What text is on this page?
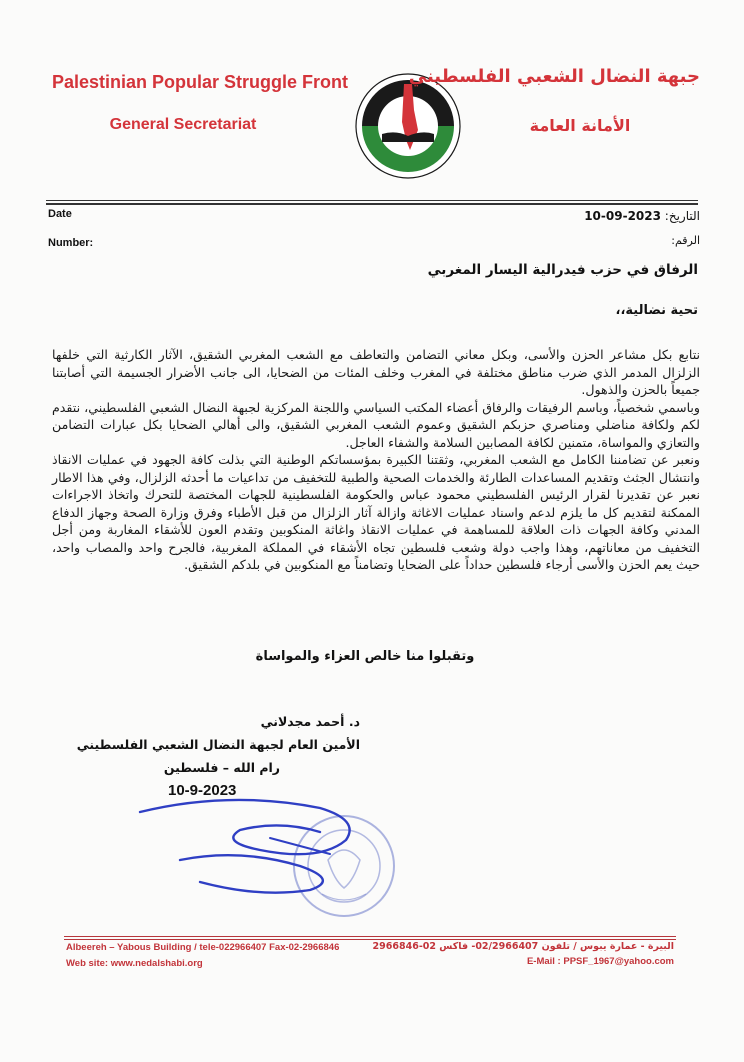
Palestinian Popular Struggle Front
General Secretariat
جبهة النضال الشعبي الفلسطيني
الأمانة العامة
Date
Number:
التاريخ: 2023-09-10
الرقم:
الرفاق في حزب فيدرالية اليسار المغربي
تحية نضالية،،

نتابع بكل مشاعر الحزن والأسى، وبكل معاني التضامن والتعاطف مع الشعب المغربي الشقيق، الآثار الكارثية التي خلفها الزلزال المدمر الذي ضرب مناطق مختلفة في المغرب وخلف المئات من الضحايا، الى جانب الأضرار الجسيمة التي أصابتنا جميعاً بالحزن والذهول.

وباسمي شخصياً، وباسم الرفيقات والرفاق أعضاء المكتب السياسي واللجنة المركزية لجبهة النضال الشعبي الفلسطيني، نتقدم لكم ولكافة مناضلي ومناصري حزبكم الشقيق وعموم الشعب المغربي الشقيق، والى أهالي الضحايا بكل عبارات التضامن والتعازي والمواساة، متمنين لكافة المصابين السلامة والشفاء العاجل.

ونعبر عن تضامننا الكامل مع الشعب المغربي، وثقتنا الكبيرة بمؤسساتكم الوطنية التي بذلت كافة الجهود في عمليات الانقاذ وانتشال الجثث وتقديم المساعدات الطارئة والخدمات الصحية والطبية للتخفيف من تداعيات ما أحدثه الزلزال، وفي هذا الاطار نعبر عن تقديرنا لقرار الرئيس الفلسطيني محمود عباس والحكومة الفلسطينية للجهات المختصة للتحرك واتخاذ الاجراءات الممكنة لتقديم كل ما يلزم لدعم واسناد عمليات الاغاثة وازالة آثار الزلزال من قبل الأطباء وفرق وزارة الصحة وجهاز الدفاع المدني وكافة الجهات ذات العلاقة للمساهمة في عمليات الانقاذ واغاثة المنكوبين وتقدم العون للأشقاء المغاربة ومن أجل التخفيف من معاناتهم، وهذا واجب دولة وشعب فلسطين تجاه الأشقاء في المملكة المغربية، فالجرح واحد والمصاب واحد، حيث يعم الحزن والأسى أرجاء فلسطين حداداً على الضحايا وتضامناً مع المنكوبين في بلدكم الشقيق.

وتقبلوا منا خالص العزاء والمواساة
د. أحمد مجدلاني
الأمين العام لجبهة النضال الشعبي الفلسطيني
رام الله – فلسطين
10-9-2023
Albeereh – Yabous Building / tele-022966407 Fax-02-2966846
Web site: www.nedalshabi.org
البيرة - عمارة يبوس / تلفون 02/2966407- فاكس 02-2966846
E-Mail : PPSF_1967@yahoo.com
